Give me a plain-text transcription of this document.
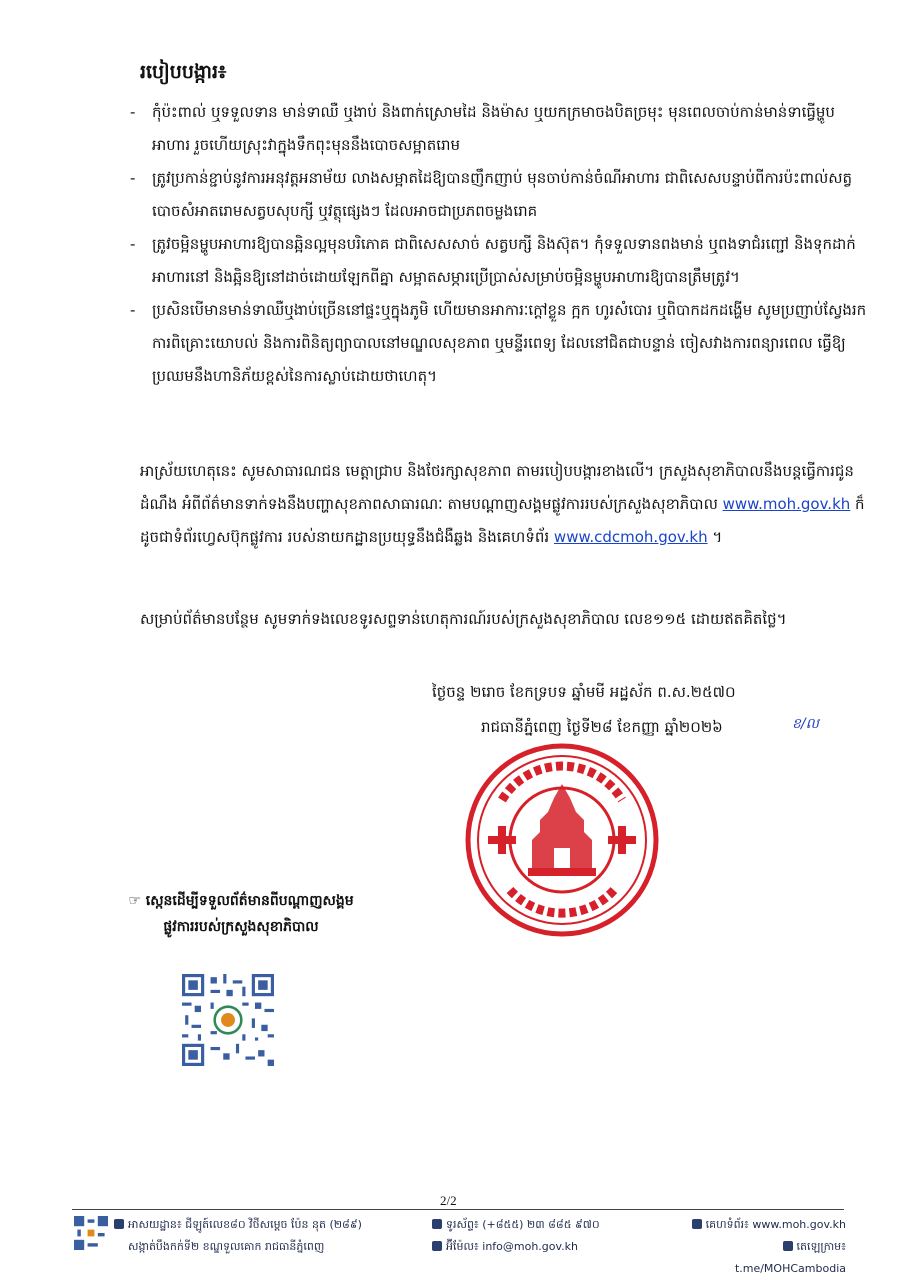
របៀបបង្ការ៖
- កុំប៉ះពាល់ ឬទទួលទាន មាន់ទាឈឺ ឬងាប់ និងពាក់ស្រោមដៃ និងម៉ាស ឬយកក្រមាចងបិតច្រមុះ មុនពេលចាប់កាន់មាន់ទាធ្វើម្ហូបអាហារ រួចហើយស្រុះវាក្នុងទឹកពុះមុននឹងបោចសម្អាតរោម
- ត្រូវប្រកាន់ខ្ជាប់នូវការអនុវត្តអនាម័យ លាងសម្អាតដៃឱ្យបានញឹកញាប់ មុនចាប់កាន់ចំណីអាហារ ជាពិសេសបន្ទាប់ពីការប៉ះពាល់សត្វ បោចសំអាតរោមសត្វបសុបក្សី ឬវត្ថុផ្សេងៗ ដែលអាចជាប្រភពចម្លងរោគ
- ត្រូវចម្អិនម្ហូបអាហារឱ្យបានឆ្អិនល្អមុនបរិភោគ ជាពិសេសសាច់ សត្វបក្សី និងស៊ុត។ កុំទទួលទានពងមាន់ ឬពងទាជំរញ្ជៅ និងទុកដាក់អាហារនៅ និងឆ្អិនឱ្យនៅដាច់ដោយឡែកពីគ្នា សម្អាតសម្ភារប្រើប្រាស់សម្រាប់ចម្អិនម្ហូបអាហារឱ្យបានត្រឹមត្រូវ។
- ប្រសិនបើមានមាន់ទាឈឺឬងាប់ច្រើននៅផ្ទះឬក្នុងភូមិ ហើយមានអាការៈក្ដៅខ្លួន ក្អក ហូរសំបោរ ឬពិបាកដកដង្ហើម សូមប្រញាប់ស្វែងរកការពិគ្រោះយោបល់ និងការពិនិត្យព្យាបាលនៅមណ្ឌលសុខភាព ឬមន្ទីរពេទ្យ ដែលនៅជិតជាបន្ទាន់ ចៀសវាងការពន្យារពេល ធ្វើឱ្យប្រឈមនឹងហានិភ័យខ្ពស់នៃការស្លាប់ដោយថាហេតុ។
អាស្រ័យហេតុនេះ សូមសាធារណជន មេត្តាជ្រាប និងថែរក្សាសុខភាព តាមរបៀបបង្ការខាងលើ។ ក្រសួងសុខាភិបាលនឹងបន្តធ្វើការជូនដំណឹង អំពីព័ត៌មានទាក់ទងនឹងបញ្ហាសុខភាពសាធារណៈ តាមបណ្តាញសង្គមផ្លូវការរបស់ក្រសួងសុខាភិបាល www.moh.gov.kh ក៏ដូចជាទំព័រហ្វេសប៊ុកផ្លូវការ របស់នាយកដ្ឋានប្រយុទ្ធនឹងជំងឺឆ្លង និងគេហទំព័រ www.cdcmoh.gov.kh ។
សម្រាប់ព័ត៌មានបន្ថែម សូមទាក់ទងលេខទូរសព្ទទាន់ហេតុការណ៍របស់ក្រសួងសុខាភិបាល លេខ១១៥ ដោយឥតគិតថ្លៃ។
ថ្ងៃចន្ទ ២រោច ខែកទ្របទ ឆ្នាំមមី អដ្ឋស័ក ព.ស.២៥៧០
រាជធានីភ្នំពេញ ថ្ងៃទី២៨ ខែកញ្ញា ឆ្នាំ២០២៦	ខ/ល
☞ ស្កេនដើម្បីទទួលព័ត៌មានពីបណ្តាញសង្គមផ្លូវការរបស់ក្រសួងសុខាភិបាល
2/2
អាសយដ្ឋាន៖ ជីឡូត៍លេខ៨០ វិថីសម្តេច ប៉ែន នុត (២៨៩)
សង្កាត់បឹងកក់ទី២ ខណ្ឌទួលគោក រាជធានីភ្នំពេញ
ទូរស័ព្ទ៖ (+៨៥៥) ២៣ ៨៨៥ ៩៧០
អ៊ីម៉ែល៖ info@moh.gov.kh
គេហទំព័រ៖ www.moh.gov.kh
តេឡេក្រាម៖ t.me/MOHCambodia
